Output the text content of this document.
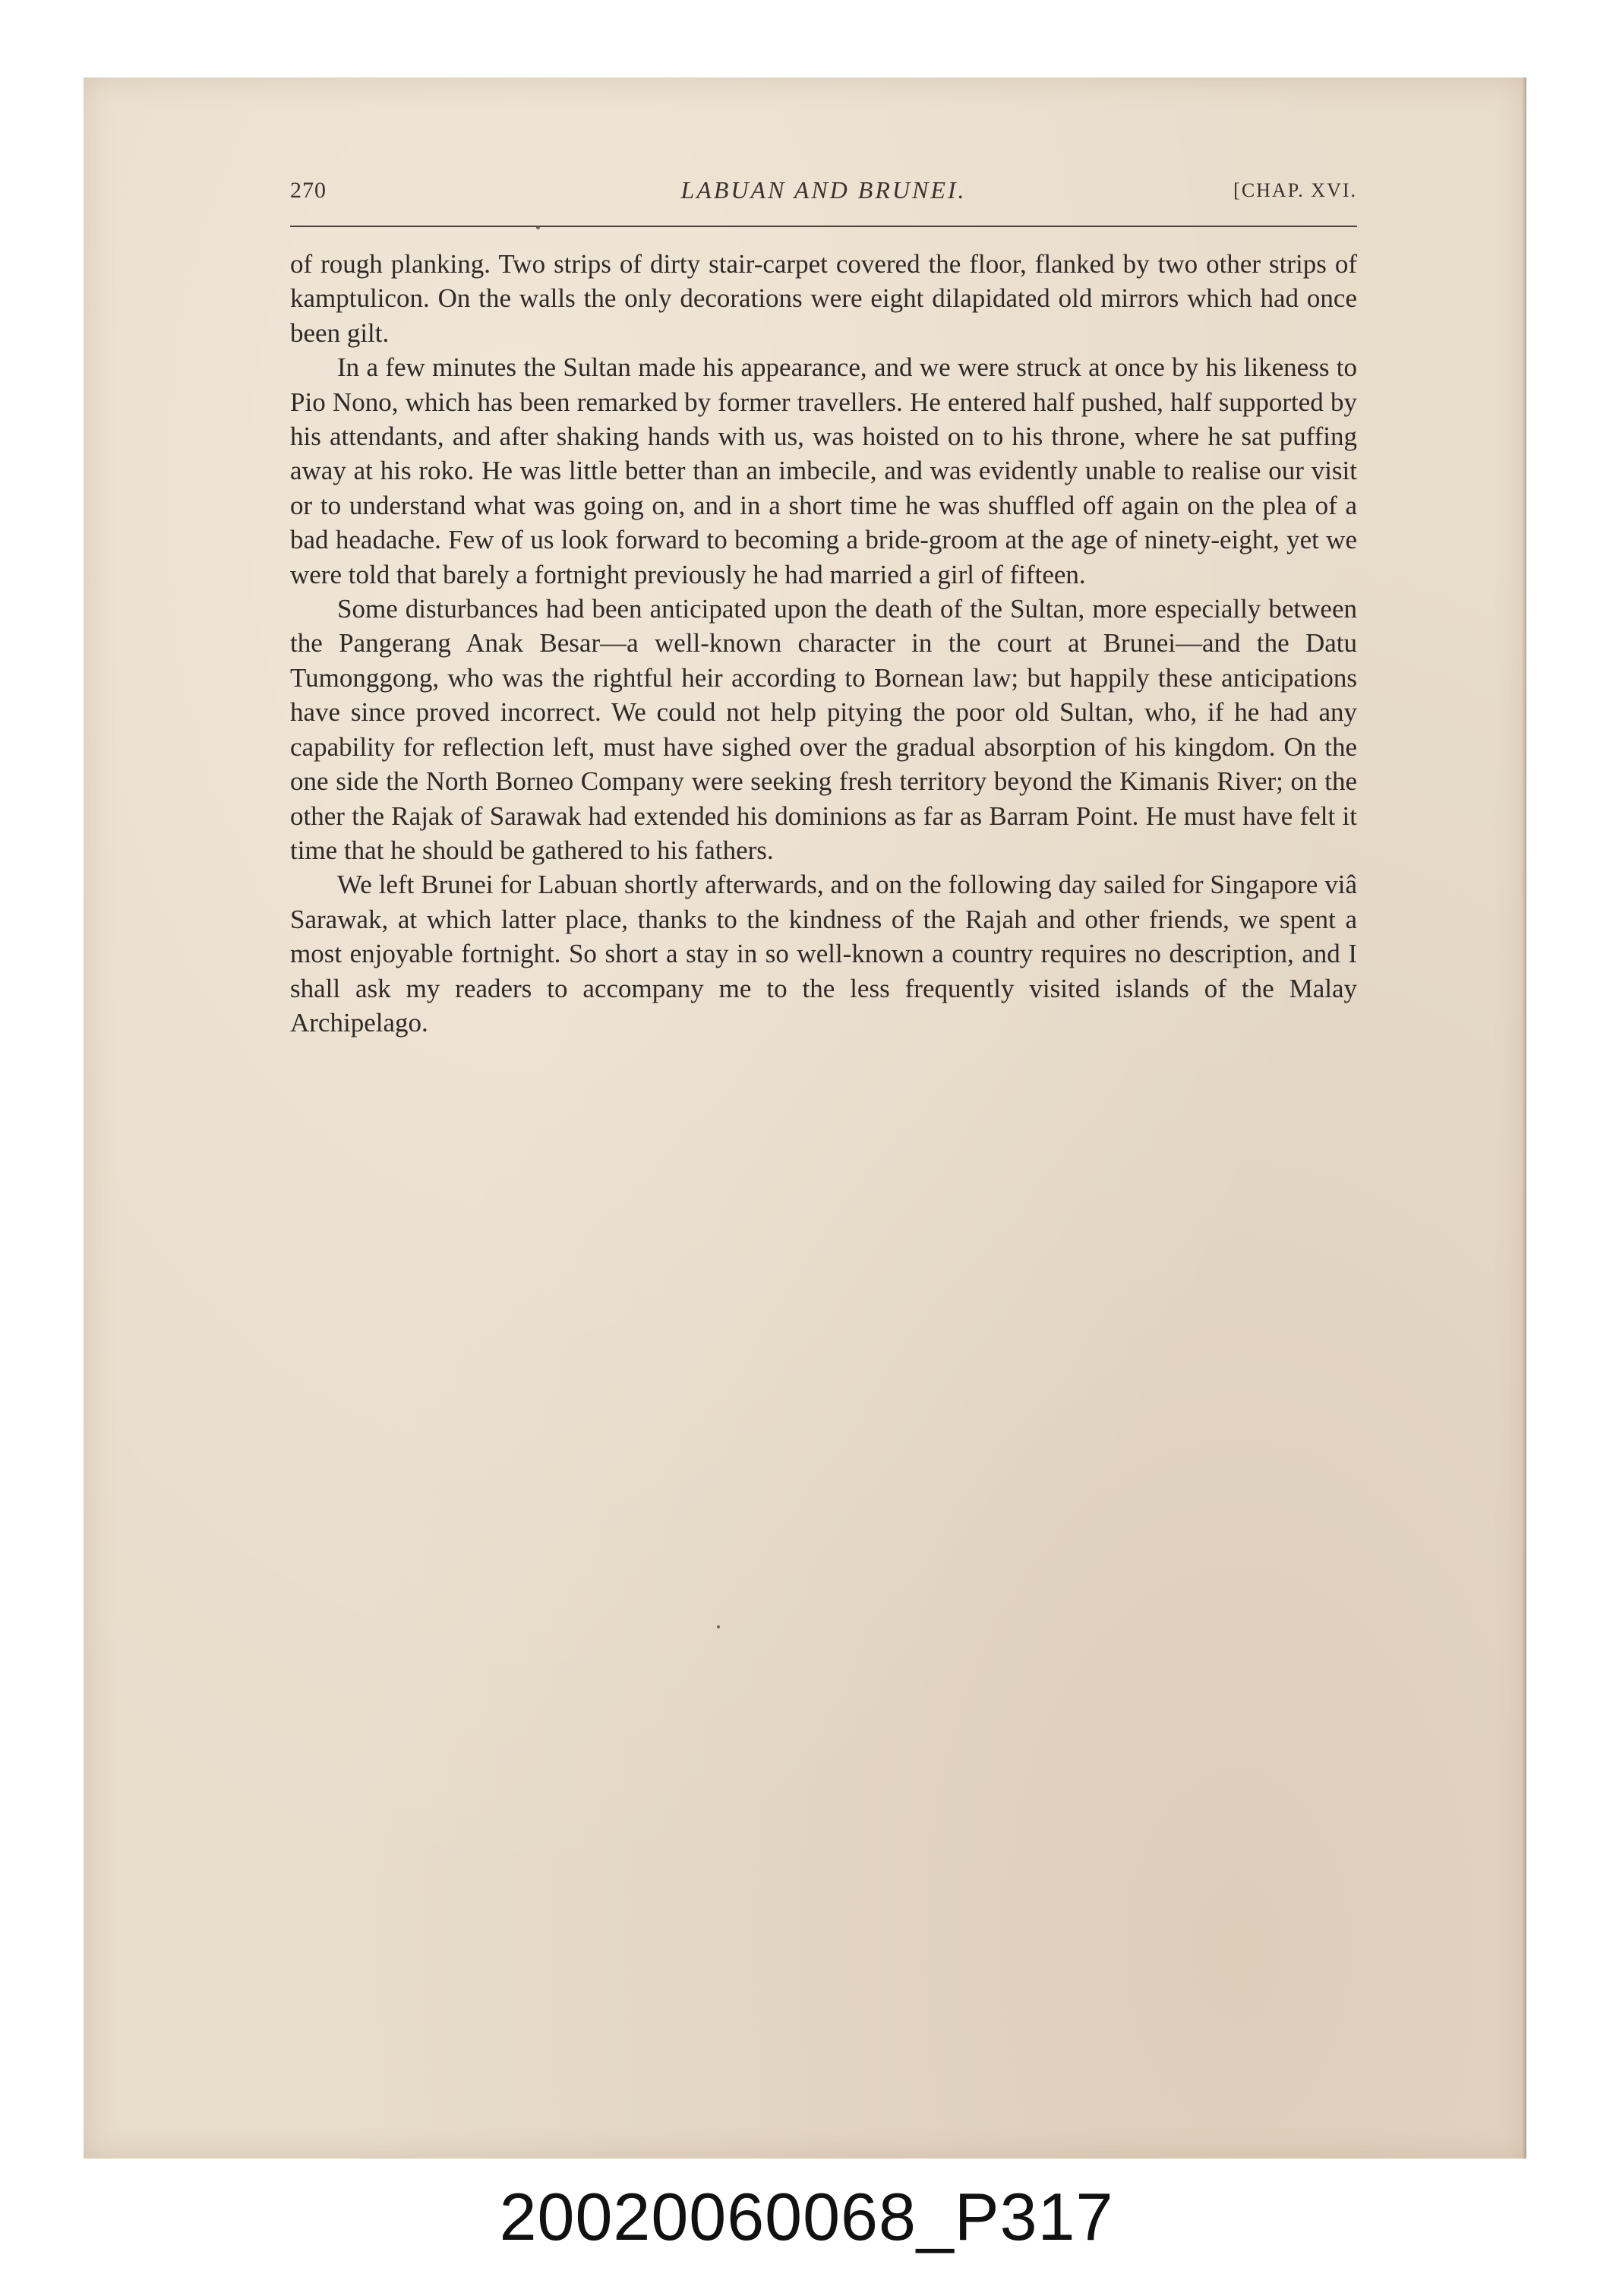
270	LABUAN AND BRUNEI.	[CHAP. XVI.

of rough planking. Two strips of dirty stair-carpet covered the floor, flanked by two other strips of kamptulicon. On the walls the only decorations were eight dilapidated old mirrors which had once been gilt.

In a few minutes the Sultan made his appearance, and we were struck at once by his likeness to Pio Nono, which has been remarked by former travellers. He entered half pushed, half supported by his attendants, and after shaking hands with us, was hoisted on to his throne, where he sat puffing away at his roko. He was little better than an imbecile, and was evidently unable to realise our visit or to understand what was going on, and in a short time he was shuffled off again on the plea of a bad headache. Few of us look forward to becoming a bride-groom at the age of ninety-eight, yet we were told that barely a fortnight previously he had married a girl of fifteen.

Some disturbances had been anticipated upon the death of the Sultan, more especially between the Pangerang Anak Besar—a well-known character in the court at Brunei—and the Datu Tumonggong, who was the rightful heir according to Bornean law; but happily these anticipations have since proved incorrect. We could not help pitying the poor old Sultan, who, if he had any capability for reflection left, must have sighed over the gradual absorption of his kingdom. On the one side the North Borneo Company were seeking fresh territory beyond the Kimanis River; on the other the Rajak of Sarawak had extended his dominions as far as Barram Point. He must have felt it time that he should be gathered to his fathers.

We left Brunei for Labuan shortly afterwards, and on the following day sailed for Singapore viâ Sarawak, at which latter place, thanks to the kindness of the Rajah and other friends, we spent a most enjoyable fortnight. So short a stay in so well-known a country requires no description, and I shall ask my readers to accompany me to the less frequently visited islands of the Malay Archipelago.

20020060068_P317
